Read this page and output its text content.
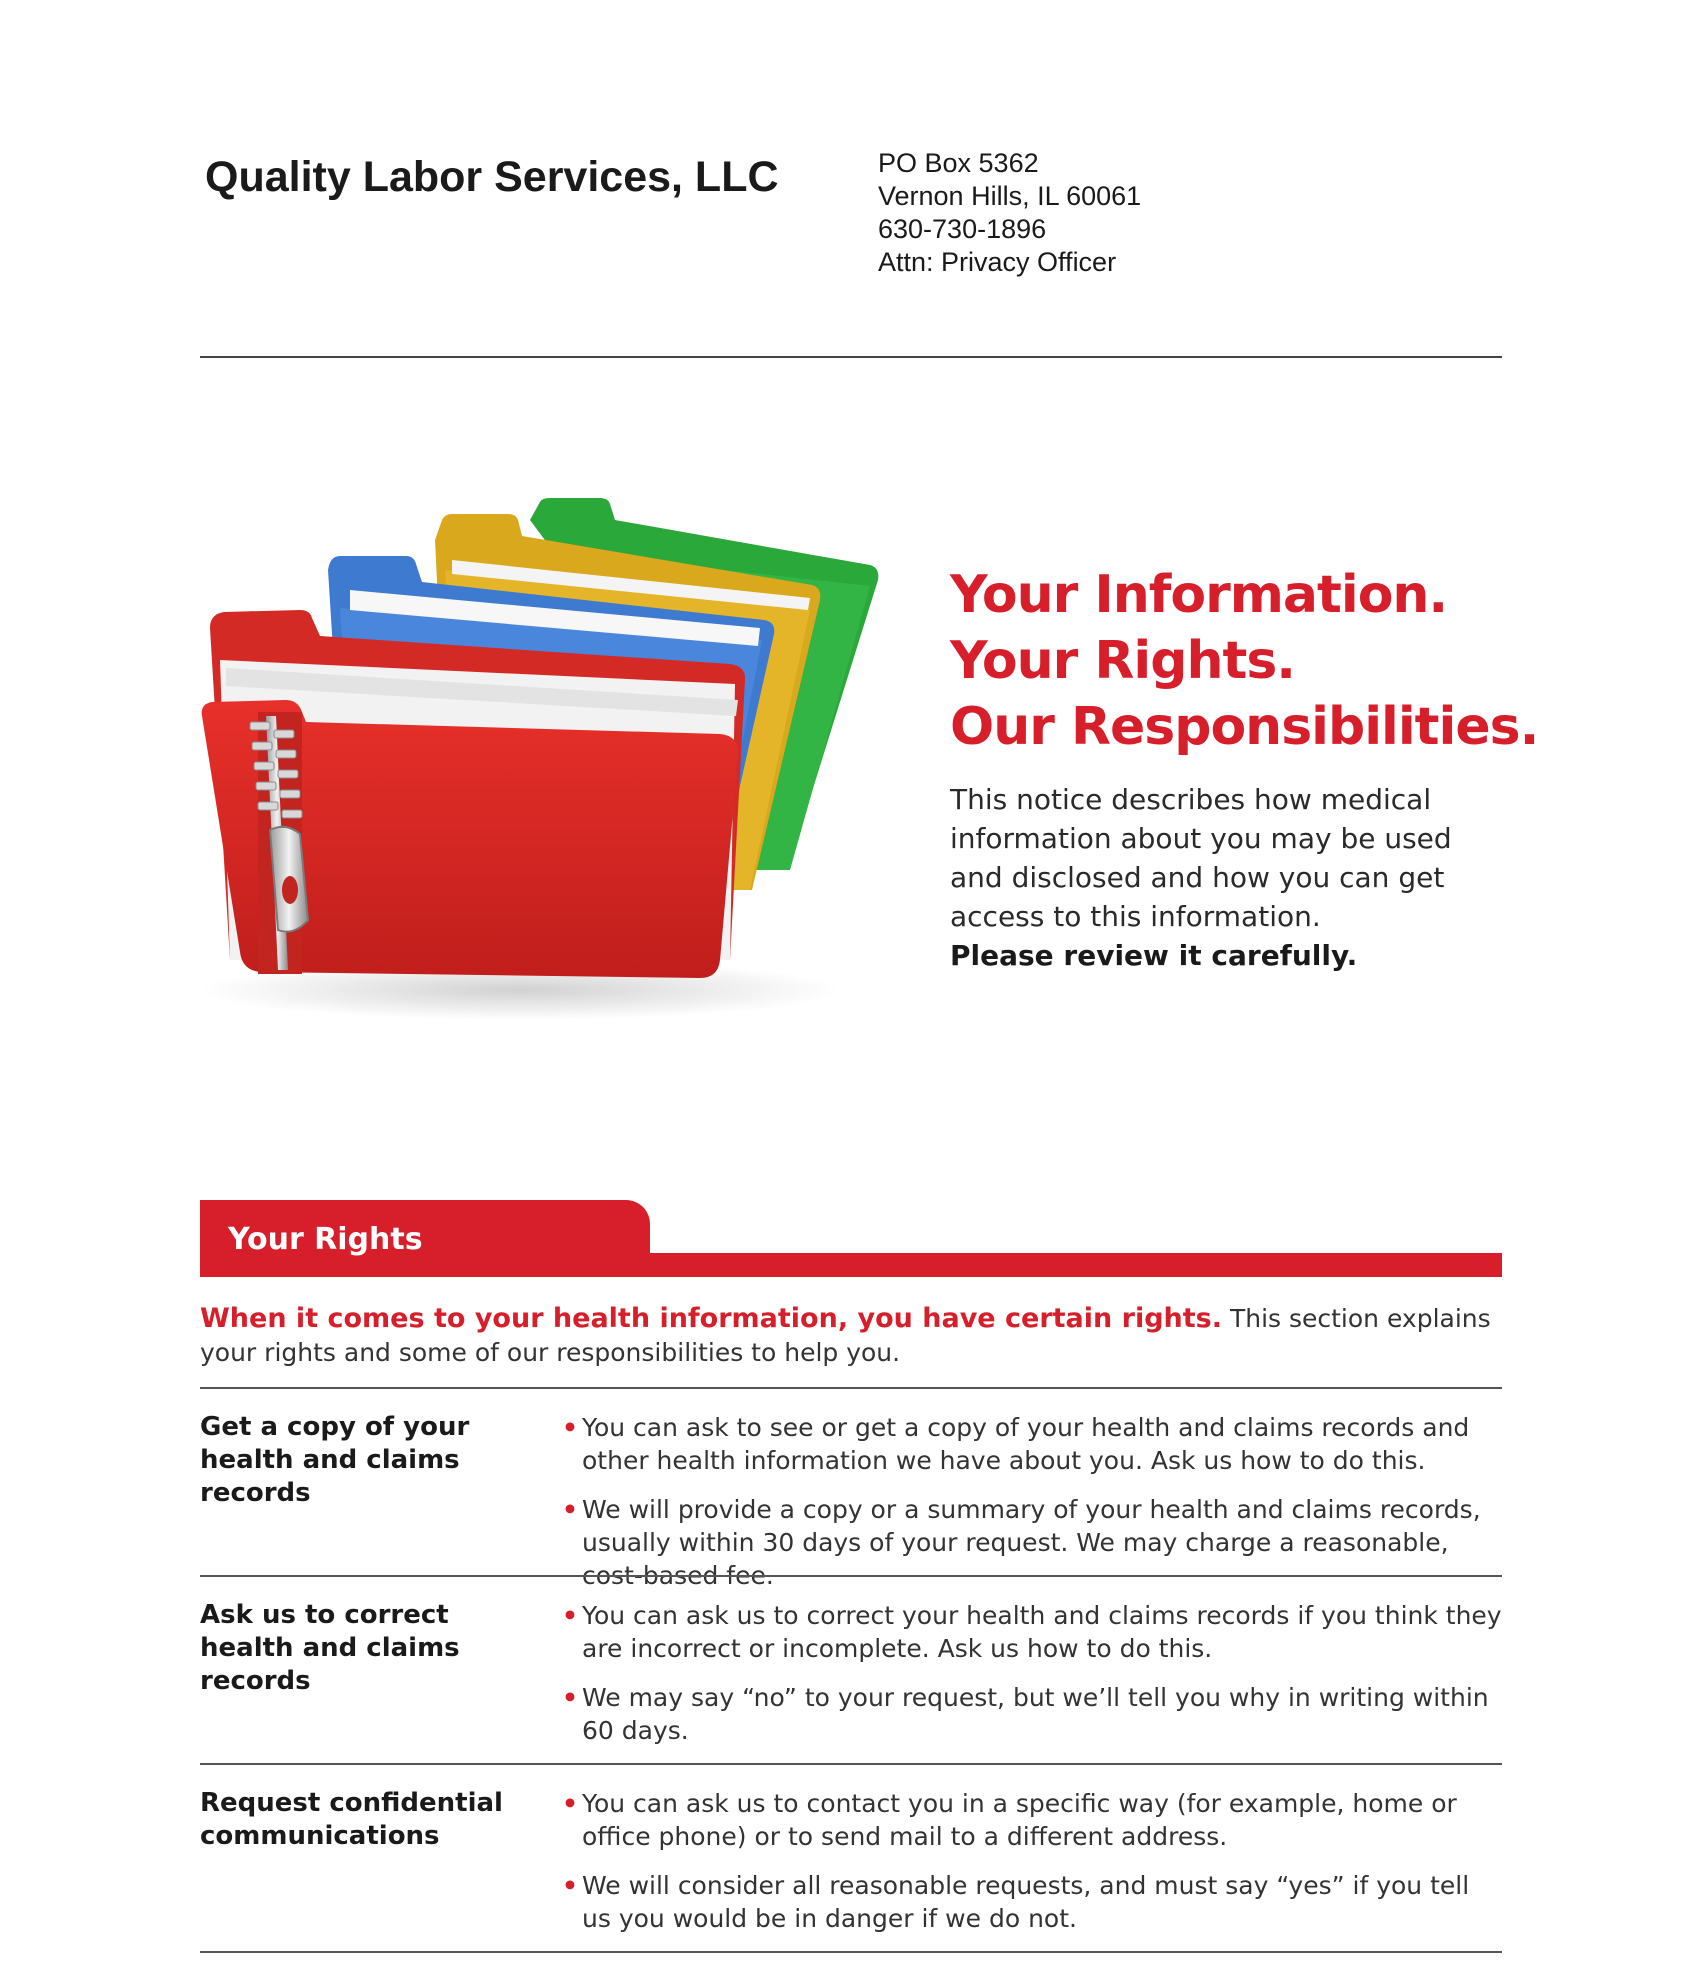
Quality Labor Services, LLC	PO Box 5362
Vernon Hills, IL 60061
630-730-1896
Attn: Privacy Officer
Your Information.
Your Rights.
Our Responsibilities.
This notice describes how medical
information about you may be used
and disclosed and how you can get
access to this information.
Please review it carefully.
Your Rights
When it comes to your health information, you have certain rights. This section explains your rights and some of our responsibilities to help you.
Get a copy of your health and claims records
• You can ask to see or get a copy of your health and claims records and other health information we have about you. Ask us how to do this.
• We will provide a copy or a summary of your health and claims records, usually within 30 days of your request. We may charge a reasonable, cost-based fee.
Ask us to correct health and claims records
• You can ask us to correct your health and claims records if you think they are incorrect or incomplete. Ask us how to do this.
• We may say “no” to your request, but we’ll tell you why in writing within 60 days.
Request confidential communications
• You can ask us to contact you in a specific way (for example, home or office phone) or to send mail to a different address.
• We will consider all reasonable requests, and must say “yes” if you tell us you would be in danger if we do not.
